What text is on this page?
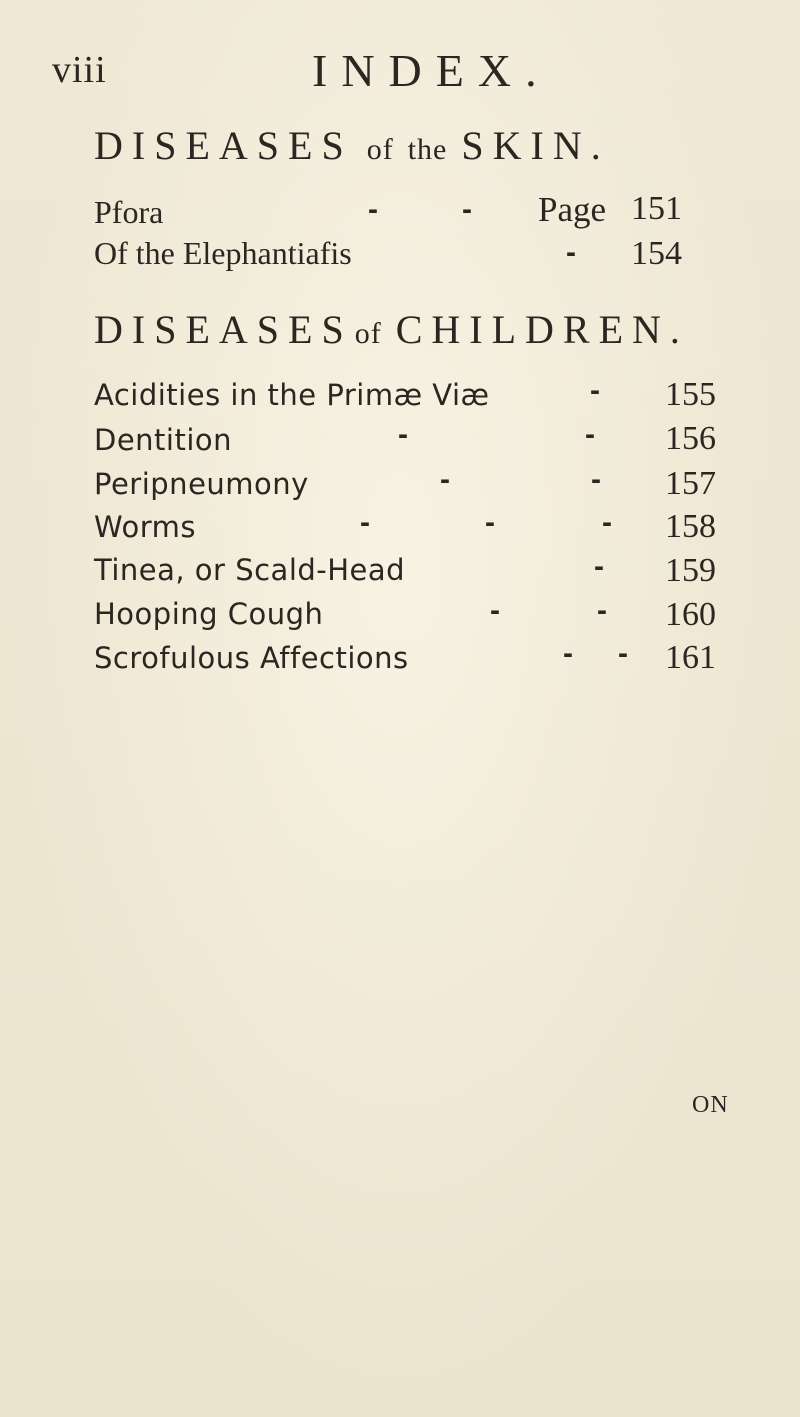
viii	INDEX.
DISEASES of the SKIN.
Pfora	-	- Page 151
Of the Elephantiafis	-	154
DISEASESof CHILDREN.
Acidities in the Primæ Viæ	-	155
Dentition	-	-	156
Peripneumony	-	-	157
Worms	-	-	-	158
Tinea, or Scald-Head	-	159
Hooping Cough	-	-	160
Scrofulous Affections	- -	161
ON
